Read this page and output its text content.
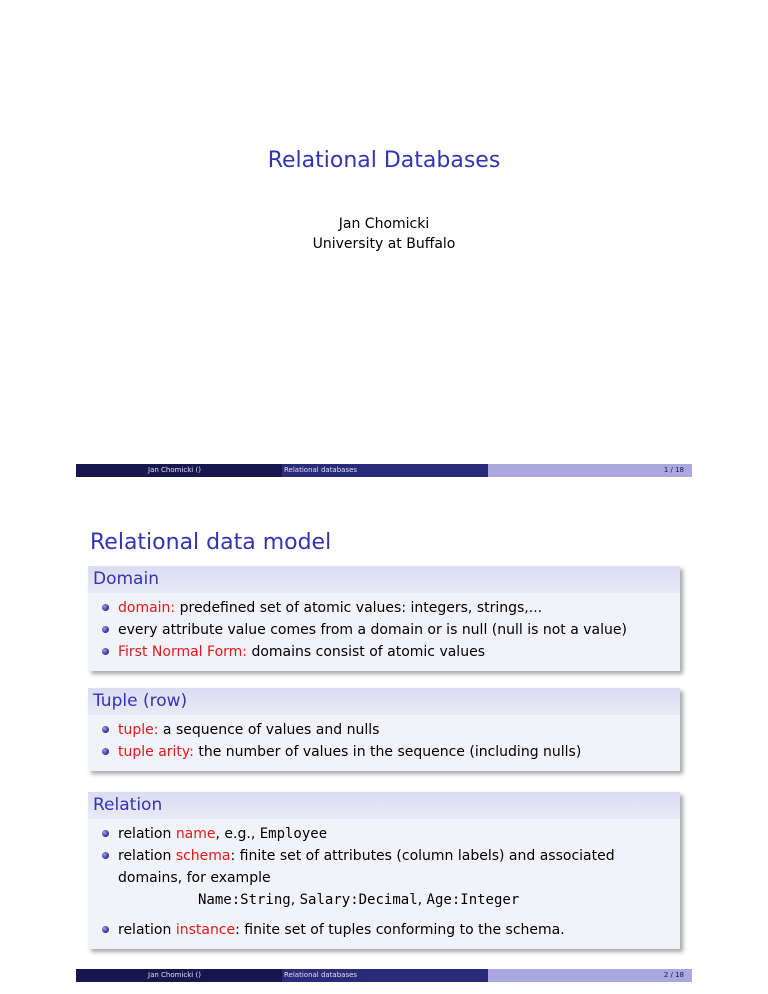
Relational Databases
Jan Chomicki
University at Buffalo
Jan Chomicki ()	Relational databases	1 / 18
Relational data model
Domain
domain: predefined set of atomic values: integers, strings,...
every attribute value comes from a domain or is null (null is not a value)
First Normal Form: domains consist of atomic values
Tuple (row)
tuple: a sequence of values and nulls
tuple arity: the number of values in the sequence (including nulls)
Relation
relation name, e.g., Employee
relation schema: finite set of attributes (column labels) and associated domains, for example
Name:String, Salary:Decimal, Age:Integer
relation instance: finite set of tuples conforming to the schema.
Jan Chomicki ()	Relational databases	2 / 18
